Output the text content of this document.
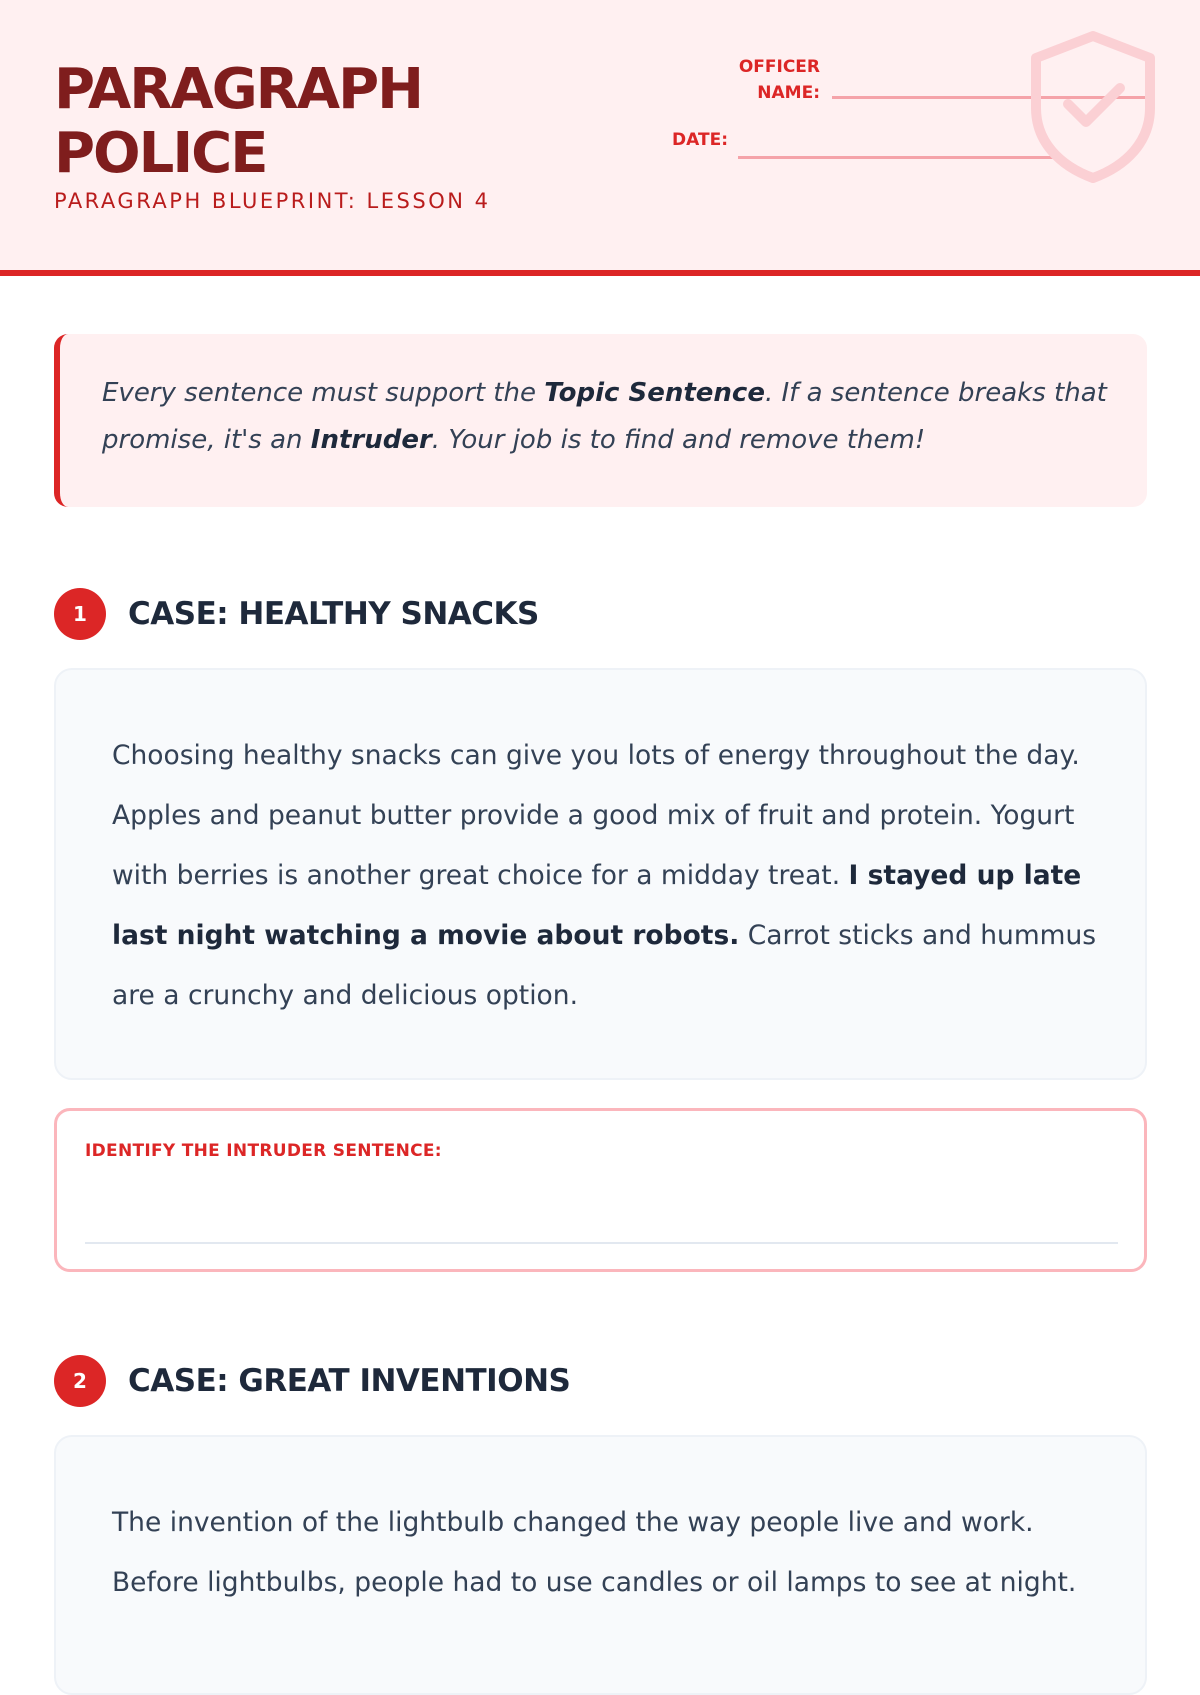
PARAGRAPH POLICE
PARAGRAPH BLUEPRINT: LESSON 4
OFFICER NAME:
DATE:
Every sentence must support the Topic Sentence. If a sentence breaks that promise, it's an Intruder. Your job is to find and remove them!
1	CASE: HEALTHY SNACKS
Choosing healthy snacks can give you lots of energy throughout the day. Apples and peanut butter provide a good mix of fruit and protein. Yogurt with berries is another great choice for a midday treat. I stayed up late last night watching a movie about robots. Carrot sticks and hummus are a crunchy and delicious option.
IDENTIFY THE INTRUDER SENTENCE:
2	CASE: GREAT INVENTIONS
The invention of the lightbulb changed the way people live and work. Before lightbulbs, people had to use candles or oil lamps to see at night.
